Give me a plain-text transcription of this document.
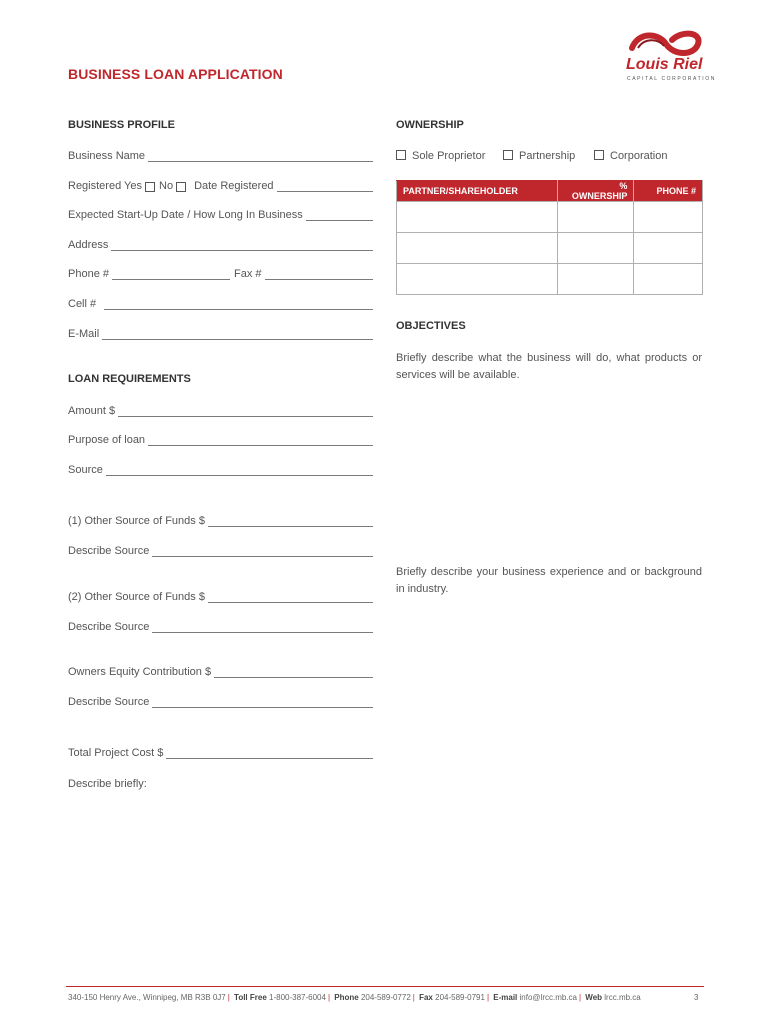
Louis Riel
CAPITAL CORPORATION
BUSINESS LOAN APPLICATION
BUSINESS PROFILE
Business Name
Registered Yes No	Date Registered
Expected Start-Up Date / How Long In Business
Address
Phone #	Fax #
Cell #
E-Mail
LOAN REQUIREMENTS
Amount $
Purpose of loan
Source
(1) Other Source of Funds $
Describe Source
(2) Other Source of Funds $
Describe Source
Owners Equity Contribution $
Describe Source
Total Project Cost $
Describe briefly:
OWNERSHIP
Sole Proprietor	Partnership	Corporation
PARTNER/SHAREHOLDER	% OWNERSHIP	PHONE #

OBJECTIVES
Briefly describe what the business will do, what products or services will be available.
Briefly describe your business experience and or background in industry.
340-150 Henry Ave., Winnipeg, MB R3B 0J7 | Toll Free 1-800-387-6004 | Phone 204-589-0772 | Fax 204-589-0791 | E-mail info@lrcc.mb.ca | Web lrcc.mb.ca	3
